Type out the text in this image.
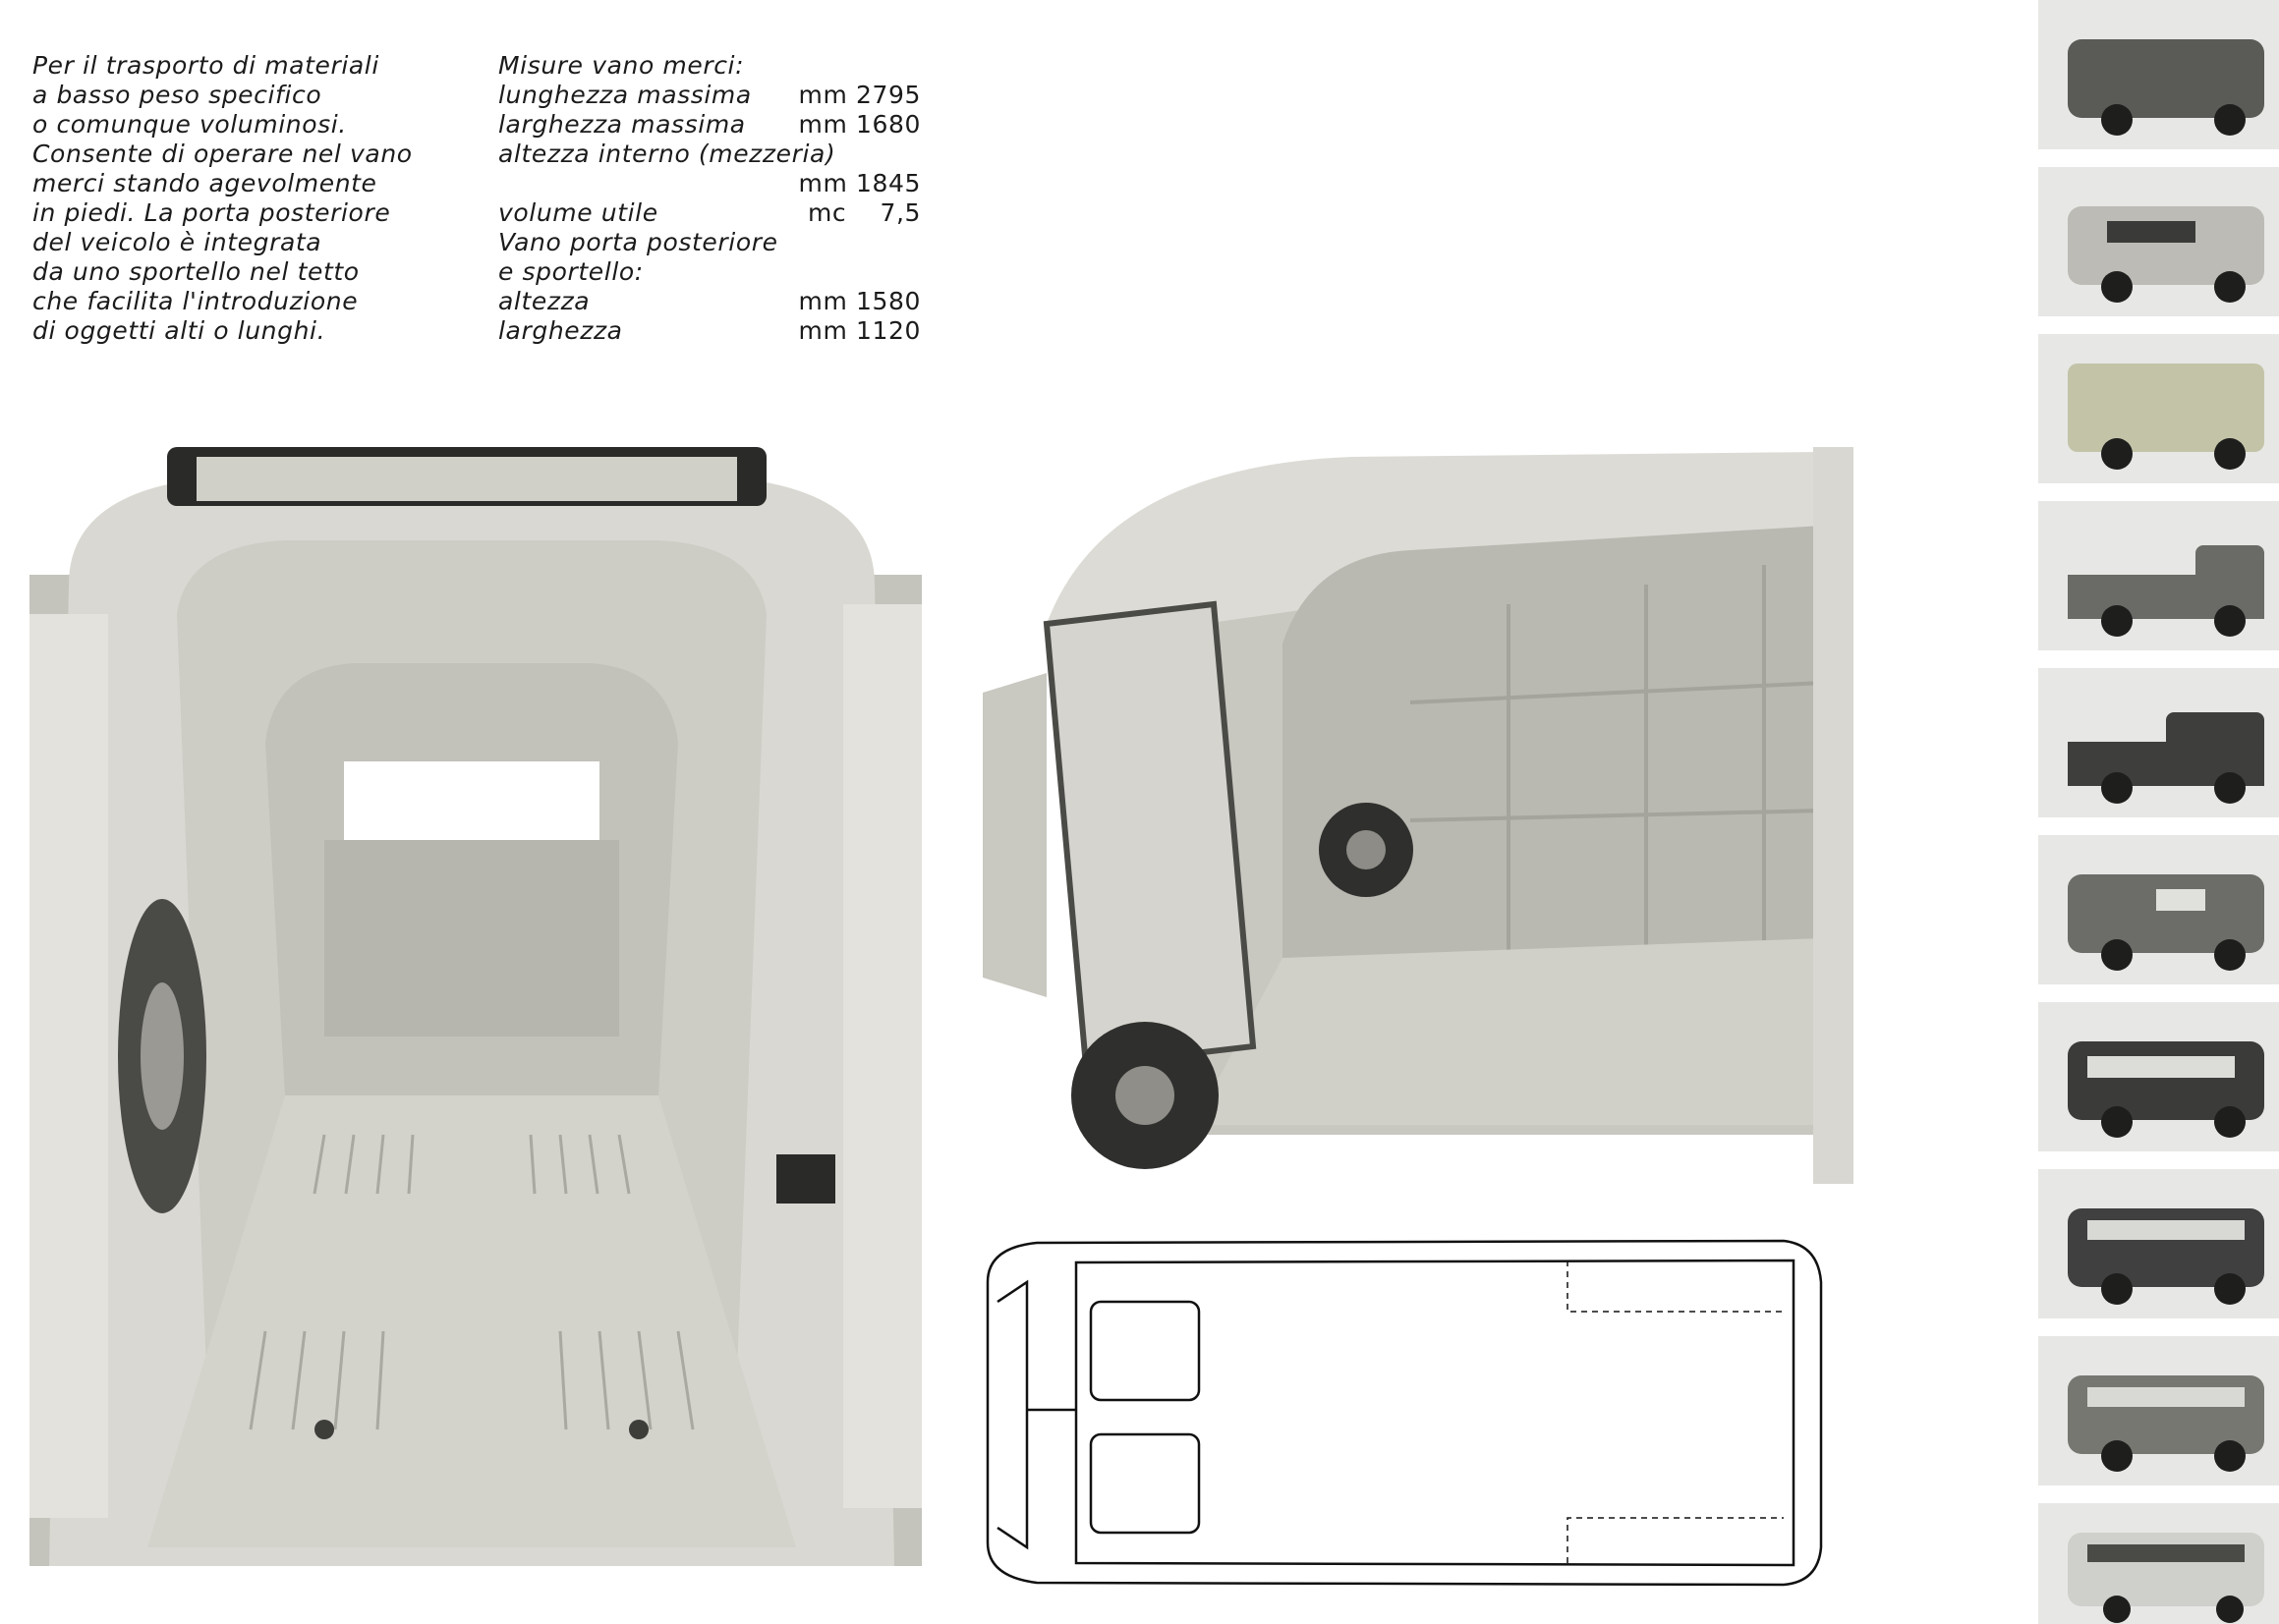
Per il trasporto di materiali
a basso peso specifico
o comunque voluminosi.
Consente di operare nel vano
merci stando agevolmente
in piedi. La porta posteriore
del veicolo è integrata
da uno sportello nel tetto
che facilita l'introduzione
di oggetti alti o lunghi.
Misure vano merci:
lunghezza massima mm 2795
larghezza massima mm 1680
altezza interno (mezzeria)
mm 1845
volume utile	mc    7,5
Vano porta posteriore
e sportello:
altezza	mm 1580
larghezza	mm 1120
